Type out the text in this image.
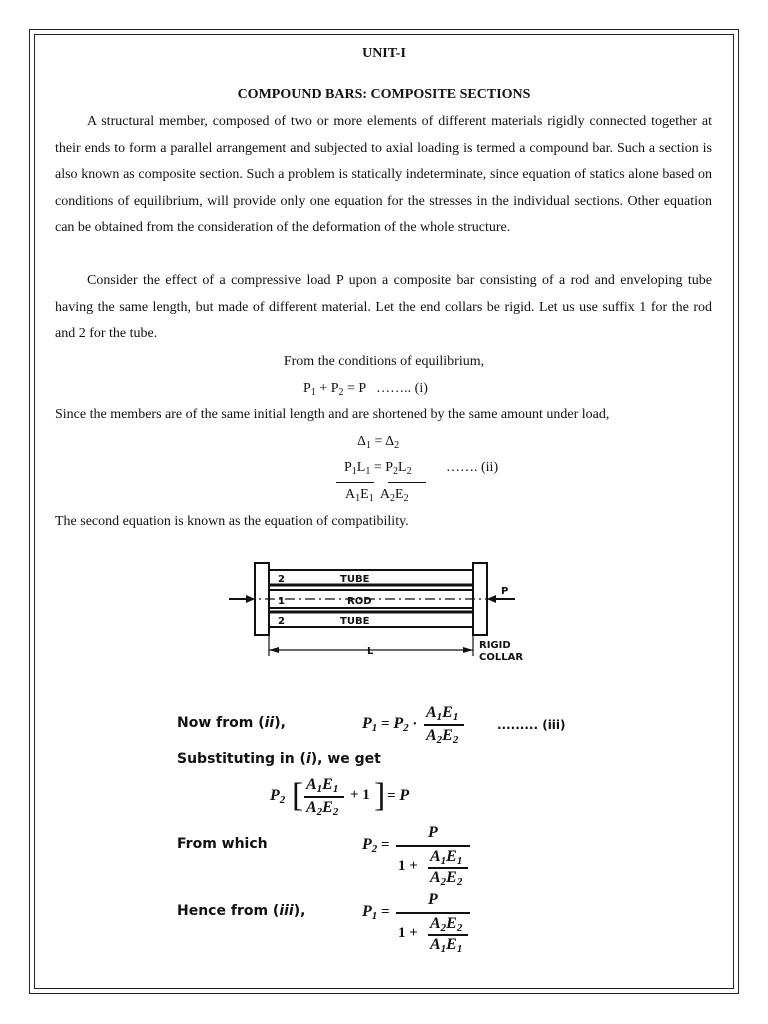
UNIT-I
COMPOUND BARS: COMPOSITE SECTIONS
A structural member, composed of two or more elements of different materials rigidly connected together at their ends to form a parallel arrangement and subjected to axial loading is termed a compound bar. Such a section is also known as composite section. Such a problem is statically indeterminate, since equation of statics alone based on conditions of equilibrium, will provide only one equation for the stresses in the individual sections. Other equation can be obtained from the consideration of the deformation of the whole structure.
Consider the effect of a compressive load P upon a composite bar consisting of a rod and enveloping tube having the same length, but made of different material. Let the end collars be rigid. Let us use suffix 1 for the rod and 2 for the tube.
From the conditions of equilibrium,
$P_1 + P_2 = P$   …….. (i)
Since the members are of the same initial length and are shortened by the same amount under load,
$\Delta_1 = \Delta_2$
$P_1L_1 = P_2L_2$ ……. (ii)
$A_1E_1$  $A_2E_2$
The second equation is known as the equation of compatibility.
2	TUBE
1	ROD
2	TUBE
P
L
RIGID
COLLAR
Now from (ii),	$P_1 = P_2$ ·
$A_1E_1$
$A_2E_2$
......... (iii)
Substituting in (i), we get
$P_2$ [ $A_1E_1$
$A_2E_2$
+ 1 ] = P
From which	$P_2$ =
P
1 +
$A_1E_1$
$A_2E_2$
Hence from (iii),	$P_1$ =
P
1 +
$A_2E_2$
$A_1E_1$
